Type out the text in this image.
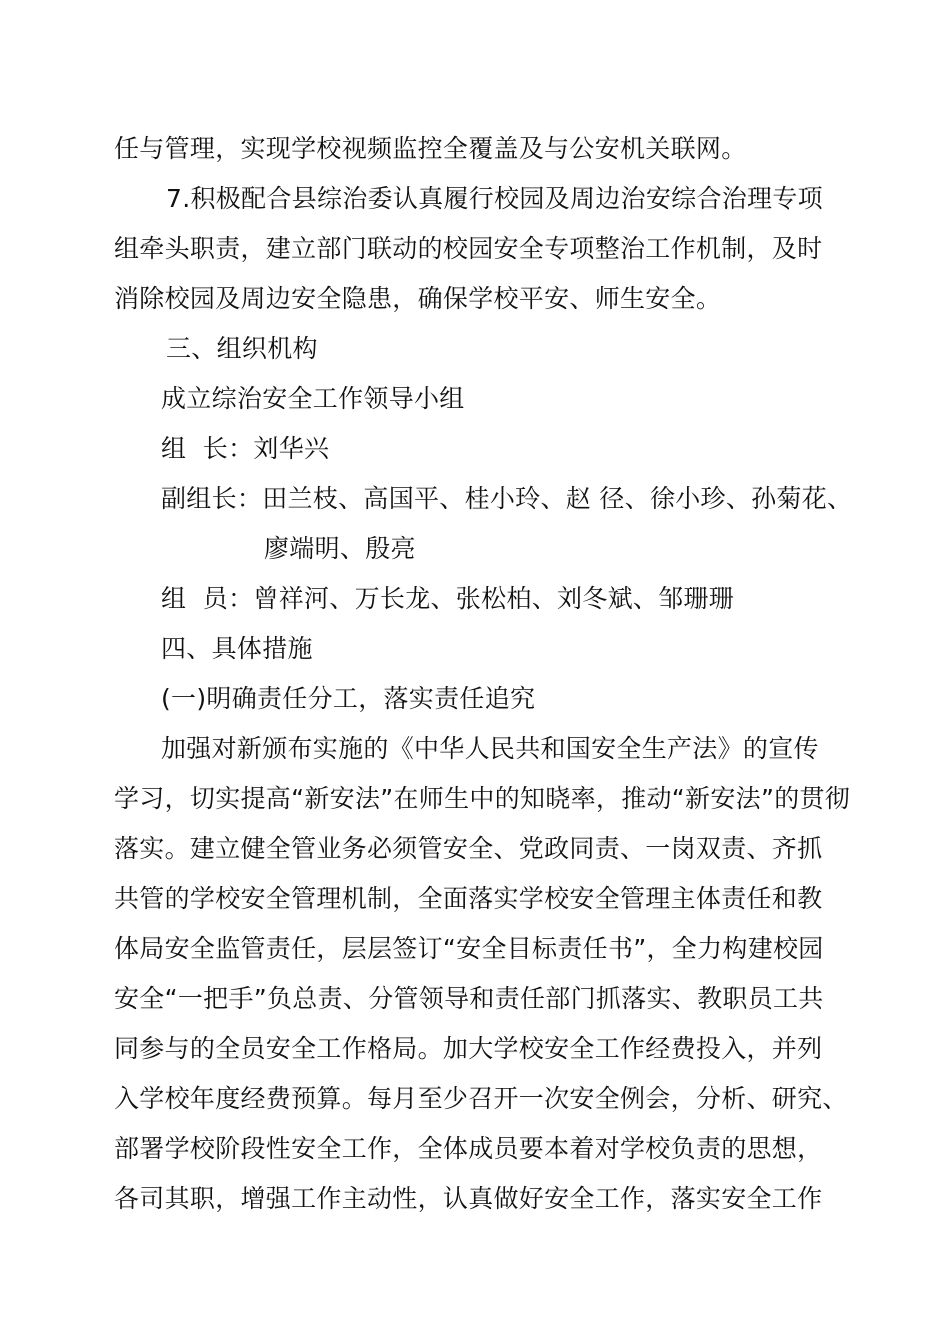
任与管理，实现学校视频监控全覆盖及与公安机关联网。
7.积极配合县综治委认真履行校园及周边治安综合治理专项
组牵头职责，建立部门联动的校园安全专项整治工作机制，及时
消除校园及周边安全隐患，确保学校平安、师生安全。
三、组织机构
成立综治安全工作领导小组
组  长：刘华兴
副组长：田兰枝、高国平、桂小玲、赵 径、徐小珍、孙菊花、
廖端明、殷亮
组  员：曾祥河、万长龙、张松柏、刘冬斌、邹珊珊
四、具体措施
(一)明确责任分工，落实责任追究
加强对新颁布实施的《中华人民共和国安全生产法》的宣传
学习，切实提高“新安法”在师生中的知晓率，推动“新安法”的贯彻
落实。建立健全管业务必须管安全、党政同责、一岗双责、齐抓
共管的学校安全管理机制，全面落实学校安全管理主体责任和教
体局安全监管责任，层层签订“安全目标责任书”，全力构建校园
安全“一把手”负总责、分管领导和责任部门抓落实、教职员工共
同参与的全员安全工作格局。加大学校安全工作经费投入，并列
入学校年度经费预算。每月至少召开一次安全例会，分析、研究、
部署学校阶段性安全工作，全体成员要本着对学校负责的思想，
各司其职，增强工作主动性，认真做好安全工作，落实安全工作
